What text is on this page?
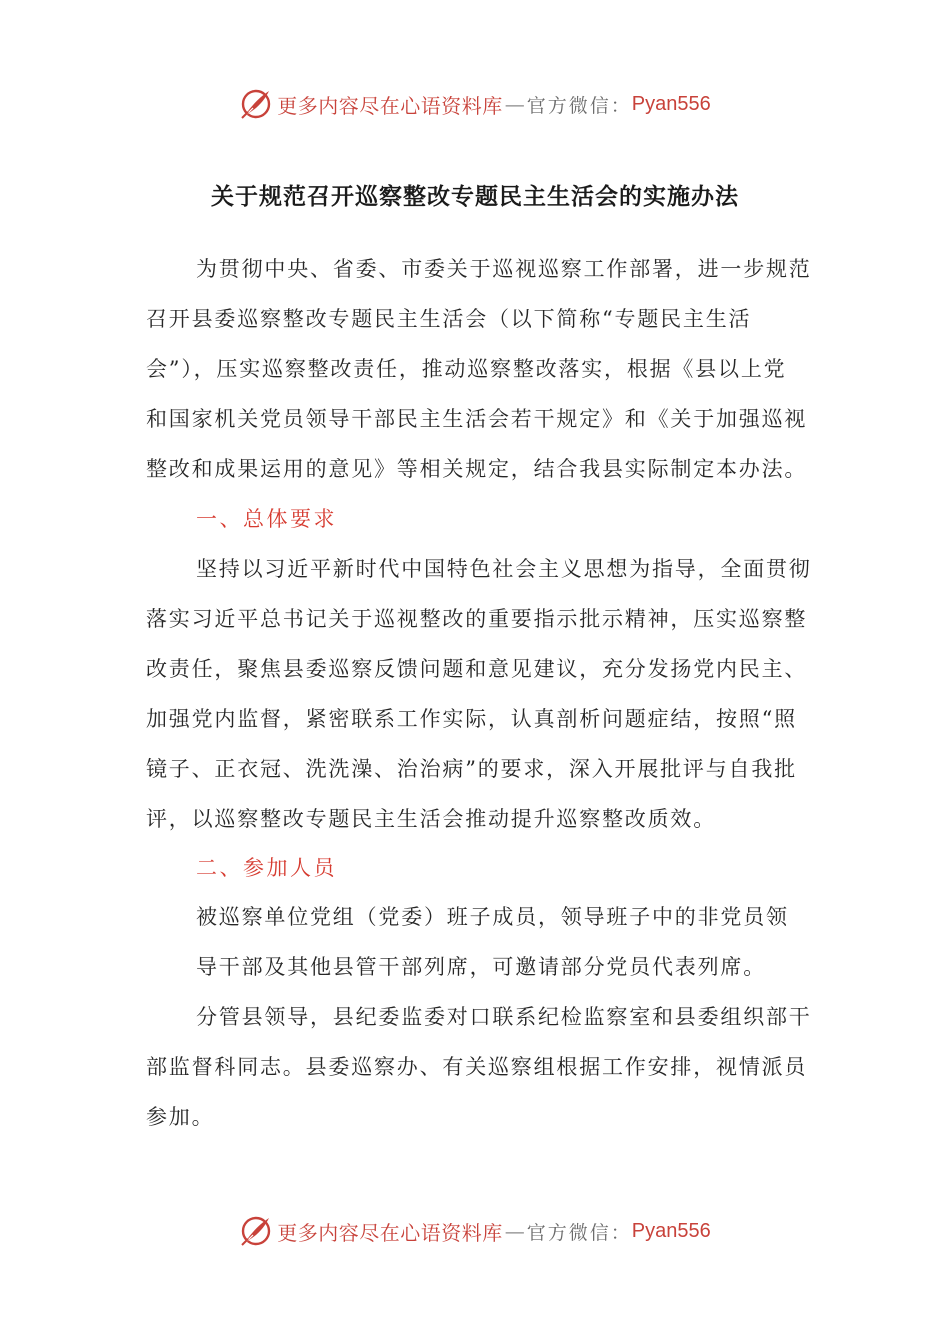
更多内容尽在心语资料库 — 官方微信： Pyan556
关于规范召开巡察整改专题民主生活会的实施办法
为贯彻中央、省委、市委关于巡视巡察工作部署，进一步规范
召开县委巡察整改专题民主生活会（以下简称“专题民主生活
会”），压实巡察整改责任，推动巡察整改落实，根据《县以上党
和国家机关党员领导干部民主生活会若干规定》和《关于加强巡视
整改和成果运用的意见》等相关规定，结合我县实际制定本办法。
一、总体要求
坚持以习近平新时代中国特色社会主义思想为指导，全面贯彻
落实习近平总书记关于巡视整改的重要指示批示精神，压实巡察整
改责任，聚焦县委巡察反馈问题和意见建议，充分发扬党内民主、
加强党内监督，紧密联系工作实际，认真剖析问题症结，按照“照
镜子、正衣冠、洗洗澡、治治病”的要求，深入开展批评与自我批
评，以巡察整改专题民主生活会推动提升巡察整改质效。
二、参加人员
被巡察单位党组（党委）班子成员，领导班子中的非党员领
导干部及其他县管干部列席，可邀请部分党员代表列席。
分管县领导，县纪委监委对口联系纪检监察室和县委组织部干
部监督科同志。县委巡察办、有关巡察组根据工作安排，视情派员
参加。
更多内容尽在心语资料库 — 官方微信： Pyan556
